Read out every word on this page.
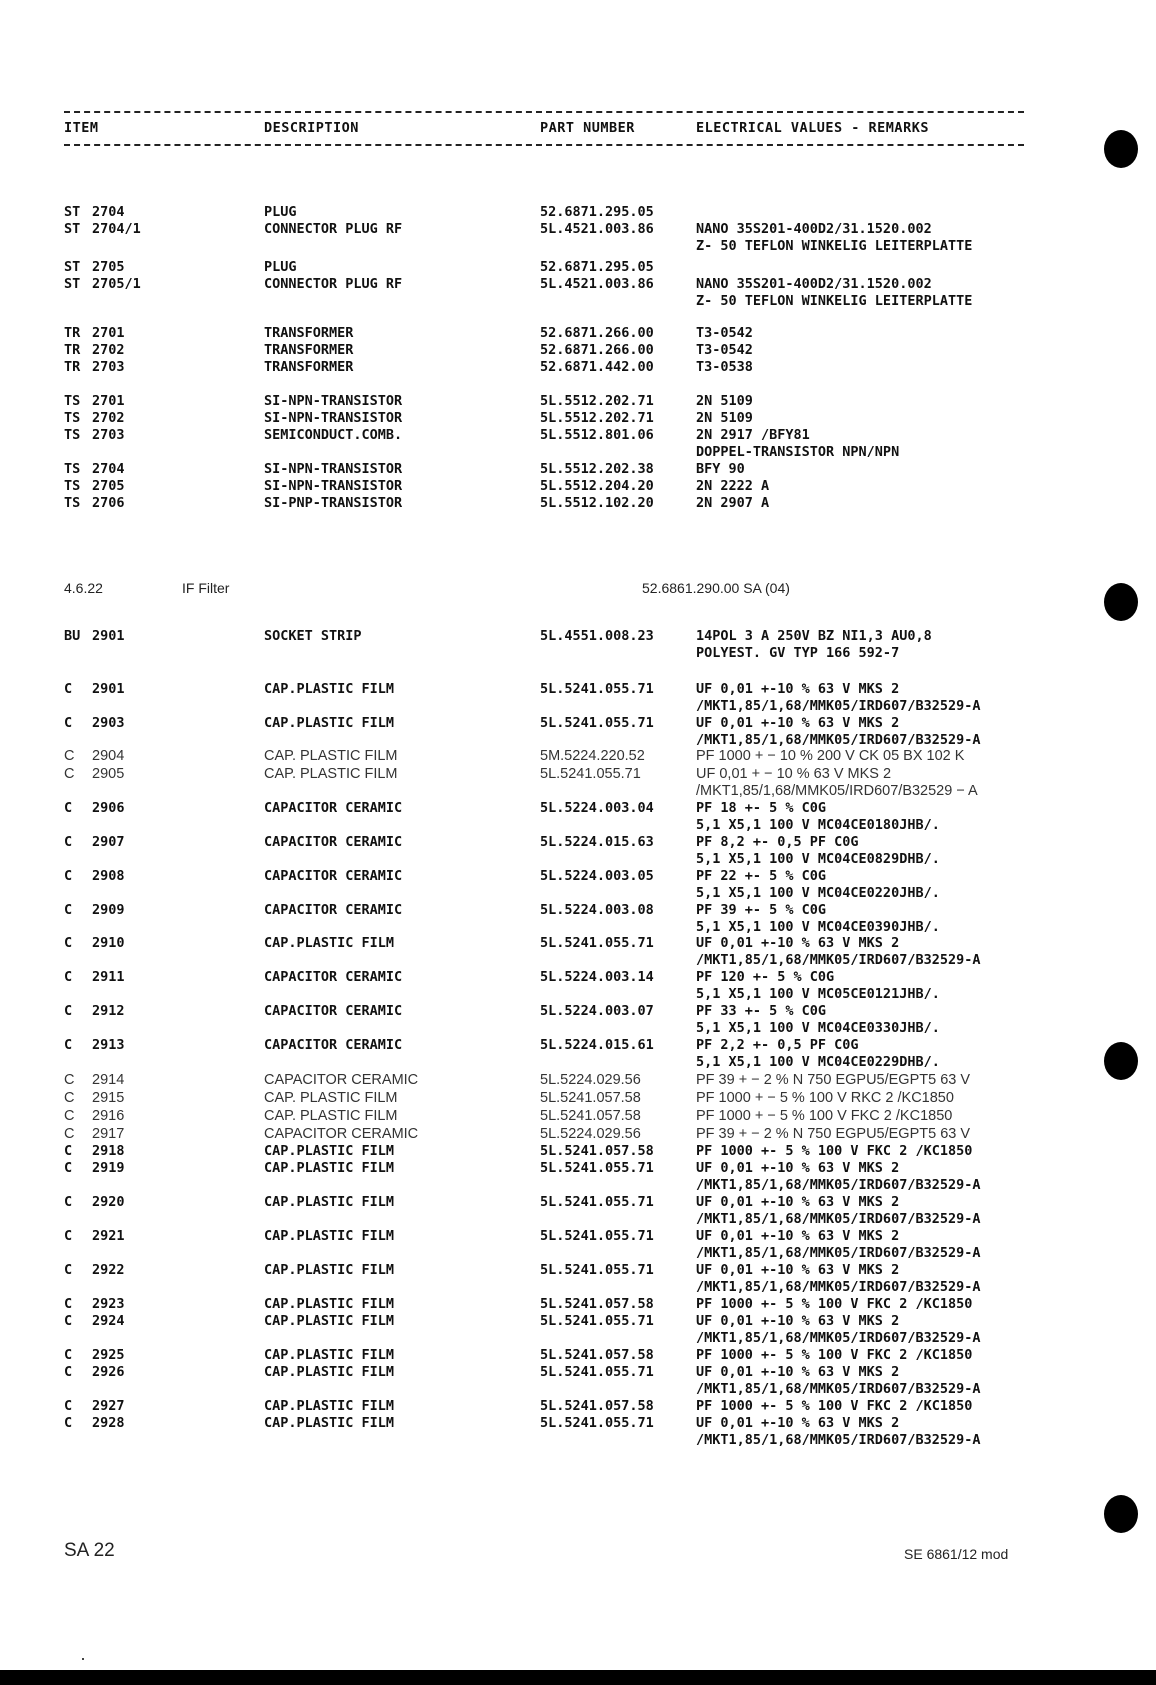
ITEM	DESCRIPTION	PART NUMBER	ELECTRICAL VALUES - REMARKS
ST 2704	PLUG	52.6871.295.05
ST 2704/1	CONNECTOR PLUG RF	5L.4521.003.86	NANO 35S201-400D2/31.1520.002
Z- 50 TEFLON WINKELIG LEITERPLATTE
ST 2705	PLUG	52.6871.295.05
ST 2705/1	CONNECTOR PLUG RF	5L.4521.003.86	NANO 35S201-400D2/31.1520.002
Z- 50 TEFLON WINKELIG LEITERPLATTE
TR 2701	TRANSFORMER	52.6871.266.00	T3-0542
TR 2702	TRANSFORMER	52.6871.266.00	T3-0542
TR 2703	TRANSFORMER	52.6871.442.00	T3-0538
TS 2701	SI-NPN-TRANSISTOR	5L.5512.202.71	2N 5109
TS 2702	SI-NPN-TRANSISTOR	5L.5512.202.71	2N 5109
TS 2703	SEMICONDUCT.COMB.	5L.5512.801.06	2N 2917 /BFY81
DOPPEL-TRANSISTOR NPN/NPN
TS 2704	SI-NPN-TRANSISTOR	5L.5512.202.38	BFY 90
TS 2705	SI-NPN-TRANSISTOR	5L.5512.204.20	2N 2222 A
TS 2706	SI-PNP-TRANSISTOR	5L.5512.102.20	2N 2907 A
BU 2901	SOCKET STRIP	5L.4551.008.23	14POL 3 A 250V BZ NI1,3 AU0,8
POLYEST. GV TYP 166 592-7
C 2901	CAP.PLASTIC FILM	5L.5241.055.71	UF 0,01 +-10 % 63 V MKS 2
/MKT1,85/1,68/MMK05/IRD607/B32529-A
C 2903	CAP.PLASTIC FILM	5L.5241.055.71	UF 0,01 +-10 % 63 V MKS 2
/MKT1,85/1,68/MMK05/IRD607/B32529-A
C 2904	CAP. PLASTIC FILM	5M.5224.220.52	PF 1000 + − 10 % 200 V CK 05 BX 102 K
C 2905	CAP. PLASTIC FILM	5L.5241.055.71	UF 0,01 + − 10 % 63 V MKS 2
/MKT1,85/1,68/MMK05/IRD607/B32529 − A
C 2906	CAPACITOR CERAMIC	5L.5224.003.04	PF 18 +- 5 % C0G
5,1 X5,1 100 V MC04CE0180JHB/.
C 2907	CAPACITOR CERAMIC	5L.5224.015.63	PF 8,2 +- 0,5 PF C0G
5,1 X5,1 100 V MC04CE0829DHB/.
C 2908	CAPACITOR CERAMIC	5L.5224.003.05	PF 22 +- 5 % C0G
5,1 X5,1 100 V MC04CE0220JHB/.
C 2909	CAPACITOR CERAMIC	5L.5224.003.08	PF 39 +- 5 % C0G
5,1 X5,1 100 V MC04CE0390JHB/.
C 2910	CAP.PLASTIC FILM	5L.5241.055.71	UF 0,01 +-10 % 63 V MKS 2
/MKT1,85/1,68/MMK05/IRD607/B32529-A
C 2911	CAPACITOR CERAMIC	5L.5224.003.14	PF 120 +- 5 % C0G
5,1 X5,1 100 V MC05CE0121JHB/.
C 2912	CAPACITOR CERAMIC	5L.5224.003.07	PF 33 +- 5 % C0G
5,1 X5,1 100 V MC04CE0330JHB/.
C 2913	CAPACITOR CERAMIC	5L.5224.015.61	PF 2,2 +- 0,5 PF C0G
5,1 X5,1 100 V MC04CE0229DHB/.
C 2914	CAPACITOR CERAMIC	5L.5224.029.56	PF 39 + − 2 % N 750 EGPU5/EGPT5 63 V
C 2915	CAP. PLASTIC FILM	5L.5241.057.58	PF 1000 + − 5 % 100 V RKC 2 /KC1850
C 2916	CAP. PLASTIC FILM	5L.5241.057.58	PF 1000 + − 5 % 100 V FKC 2 /KC1850
C 2917	CAPACITOR CERAMIC	5L.5224.029.56	PF 39 + − 2 % N 750 EGPU5/EGPT5 63 V
C 2918	CAP.PLASTIC FILM	5L.5241.057.58	PF 1000 +- 5 % 100 V FKC 2 /KC1850
C 2919	CAP.PLASTIC FILM	5L.5241.055.71	UF 0,01 +-10 % 63 V MKS 2
/MKT1,85/1,68/MMK05/IRD607/B32529-A
C 2920	CAP.PLASTIC FILM	5L.5241.055.71	UF 0,01 +-10 % 63 V MKS 2
/MKT1,85/1,68/MMK05/IRD607/B32529-A
C 2921	CAP.PLASTIC FILM	5L.5241.055.71	UF 0,01 +-10 % 63 V MKS 2
/MKT1,85/1,68/MMK05/IRD607/B32529-A
C 2922	CAP.PLASTIC FILM	5L.5241.055.71	UF 0,01 +-10 % 63 V MKS 2
/MKT1,85/1,68/MMK05/IRD607/B32529-A
C 2923	CAP.PLASTIC FILM	5L.5241.057.58	PF 1000 +- 5 % 100 V FKC 2 /KC1850
C 2924	CAP.PLASTIC FILM	5L.5241.055.71	UF 0,01 +-10 % 63 V MKS 2
/MKT1,85/1,68/MMK05/IRD607/B32529-A
C 2925	CAP.PLASTIC FILM	5L.5241.057.58	PF 1000 +- 5 % 100 V FKC 2 /KC1850
C 2926	CAP.PLASTIC FILM	5L.5241.055.71	UF 0,01 +-10 % 63 V MKS 2
/MKT1,85/1,68/MMK05/IRD607/B32529-A
C 2927	CAP.PLASTIC FILM	5L.5241.057.58	PF 1000 +- 5 % 100 V FKC 2 /KC1850
C 2928	CAP.PLASTIC FILM	5L.5241.055.71	UF 0,01 +-10 % 63 V MKS 2
/MKT1,85/1,68/MMK05/IRD607/B32529-A
4.6.22	IF Filter	52.6861.290.00 SA (04)
SA 22	SE 6861/12 mod
